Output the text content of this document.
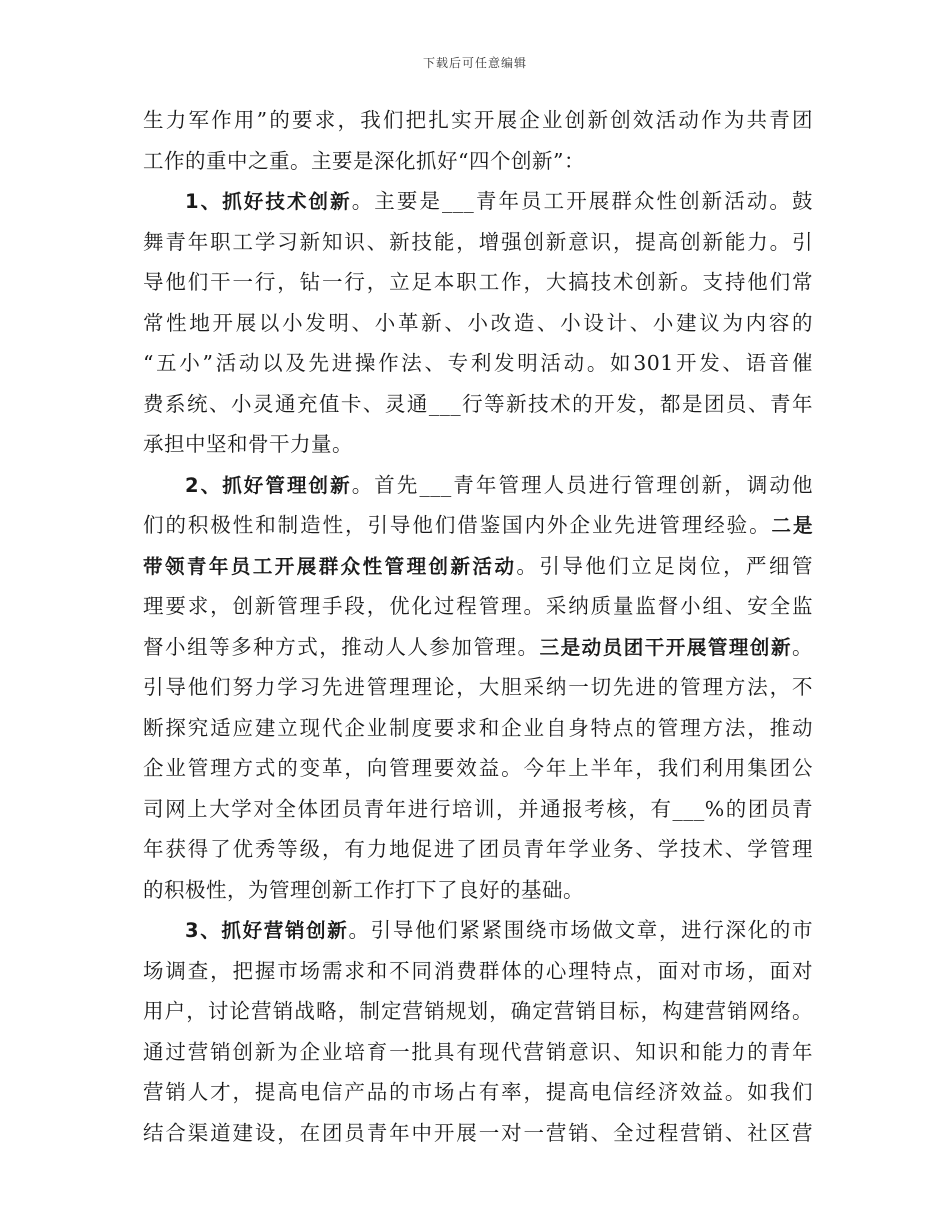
下载后可任意编辑
生力军作用”的要求，我们把扎实开展企业创新创效活动作为共青团
工作的重中之重。主要是深化抓好“四个创新”：
1、抓好技术创新。主要是___青年员工开展群众性创新活动。鼓
舞青年职工学习新知识、新技能，增强创新意识，提高创新能力。引
导他们干一行，钻一行，立足本职工作，大搞技术创新。支持他们常
常性地开展以小发明、小革新、小改造、小设计、小建议为内容的
“五小”活动以及先进操作法、专利发明活动。如301开发、语音催
费系统、小灵通充值卡、灵通___行等新技术的开发，都是团员、青年
承担中坚和骨干力量。
2、抓好管理创新。首先___青年管理人员进行管理创新，调动他
们的积极性和制造性，引导他们借鉴国内外企业先进管理经验。二是
带领青年员工开展群众性管理创新活动。引导他们立足岗位，严细管
理要求，创新管理手段，优化过程管理。采纳质量监督小组、安全监
督小组等多种方式，推动人人参加管理。三是动员团干开展管理创新。
引导他们努力学习先进管理理论，大胆采纳一切先进的管理方法，不
断探究适应建立现代企业制度要求和企业自身特点的管理方法，推动
企业管理方式的变革，向管理要效益。今年上半年，我们利用集团公
司网上大学对全体团员青年进行培训，并通报考核，有___%的团员青
年获得了优秀等级，有力地促进了团员青年学业务、学技术、学管理
的积极性，为管理创新工作打下了良好的基础。
3、抓好营销创新。引导他们紧紧围绕市场做文章，进行深化的市
场调查，把握市场需求和不同消费群体的心理特点，面对市场，面对
用户，讨论营销战略，制定营销规划，确定营销目标，构建营销网络。
通过营销创新为企业培育一批具有现代营销意识、知识和能力的青年
营销人才，提高电信产品的市场占有率，提高电信经济效益。如我们
结合渠道建设，在团员青年中开展一对一营销、全过程营销、社区营
